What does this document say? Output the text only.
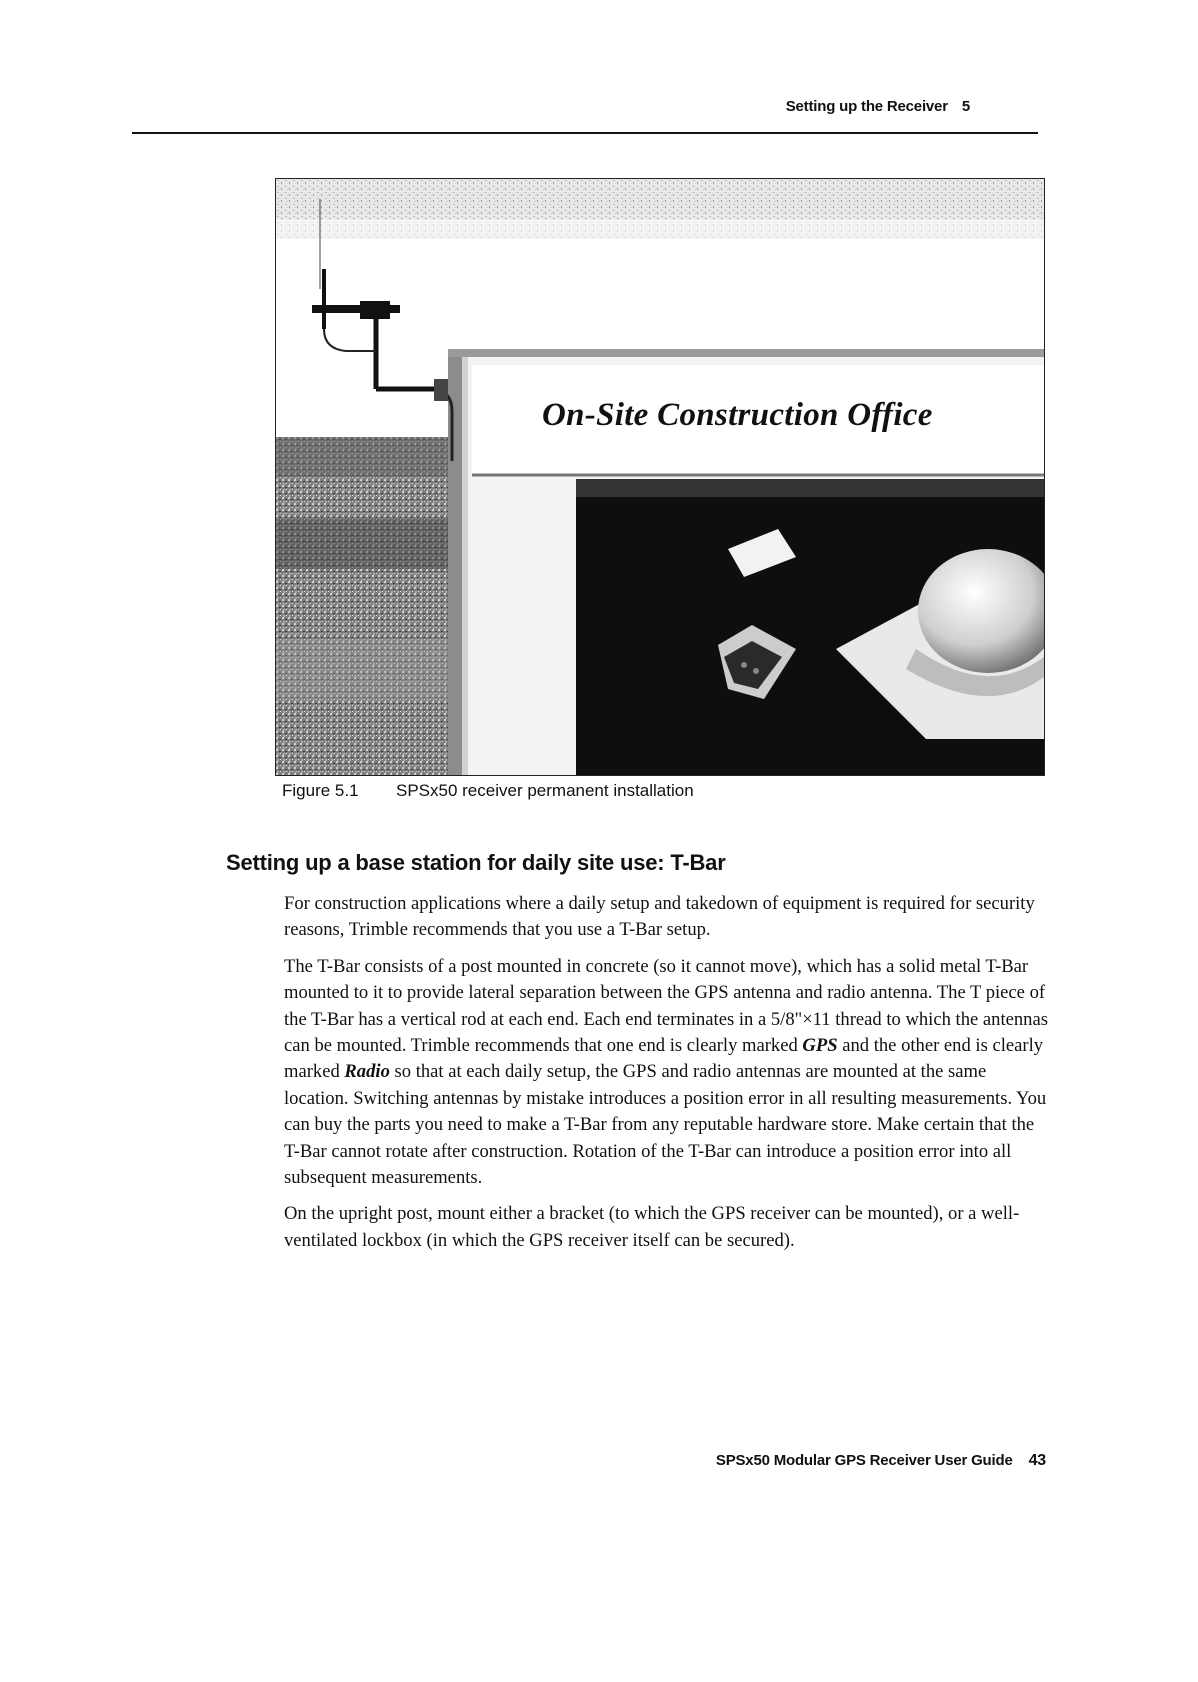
Setting up the Receiver 5
On-Site Construction Office
Figure 5.1 SPSx50 receiver permanent installation
Setting up a base station for daily site use: T-Bar

For construction applications where a daily setup and takedown of equipment is required for security reasons, Trimble recommends that you use a T-Bar setup.

The T-Bar consists of a post mounted in concrete (so it cannot move), which has a solid metal T-Bar mounted to it to provide lateral separation between the GPS antenna and radio antenna. The T piece of the T-Bar has a vertical rod at each end. Each end terminates in a 5/8"×11 thread to which the antennas can be mounted. Trimble recommends that one end is clearly marked GPS and the other end is clearly marked Radio so that at each daily setup, the GPS and radio antennas are mounted at the same location. Switching antennas by mistake introduces a position error in all resulting measurements. You can buy the parts you need to make a T-Bar from any reputable hardware store. Make certain that the T-Bar cannot rotate after construction. Rotation of the T-Bar can introduce a position error into all subsequent measurements.

On the upright post, mount either a bracket (to which the GPS receiver can be mounted), or a well-ventilated lockbox (in which the GPS receiver itself can be secured).

SPSx50 Modular GPS Receiver User Guide 43
